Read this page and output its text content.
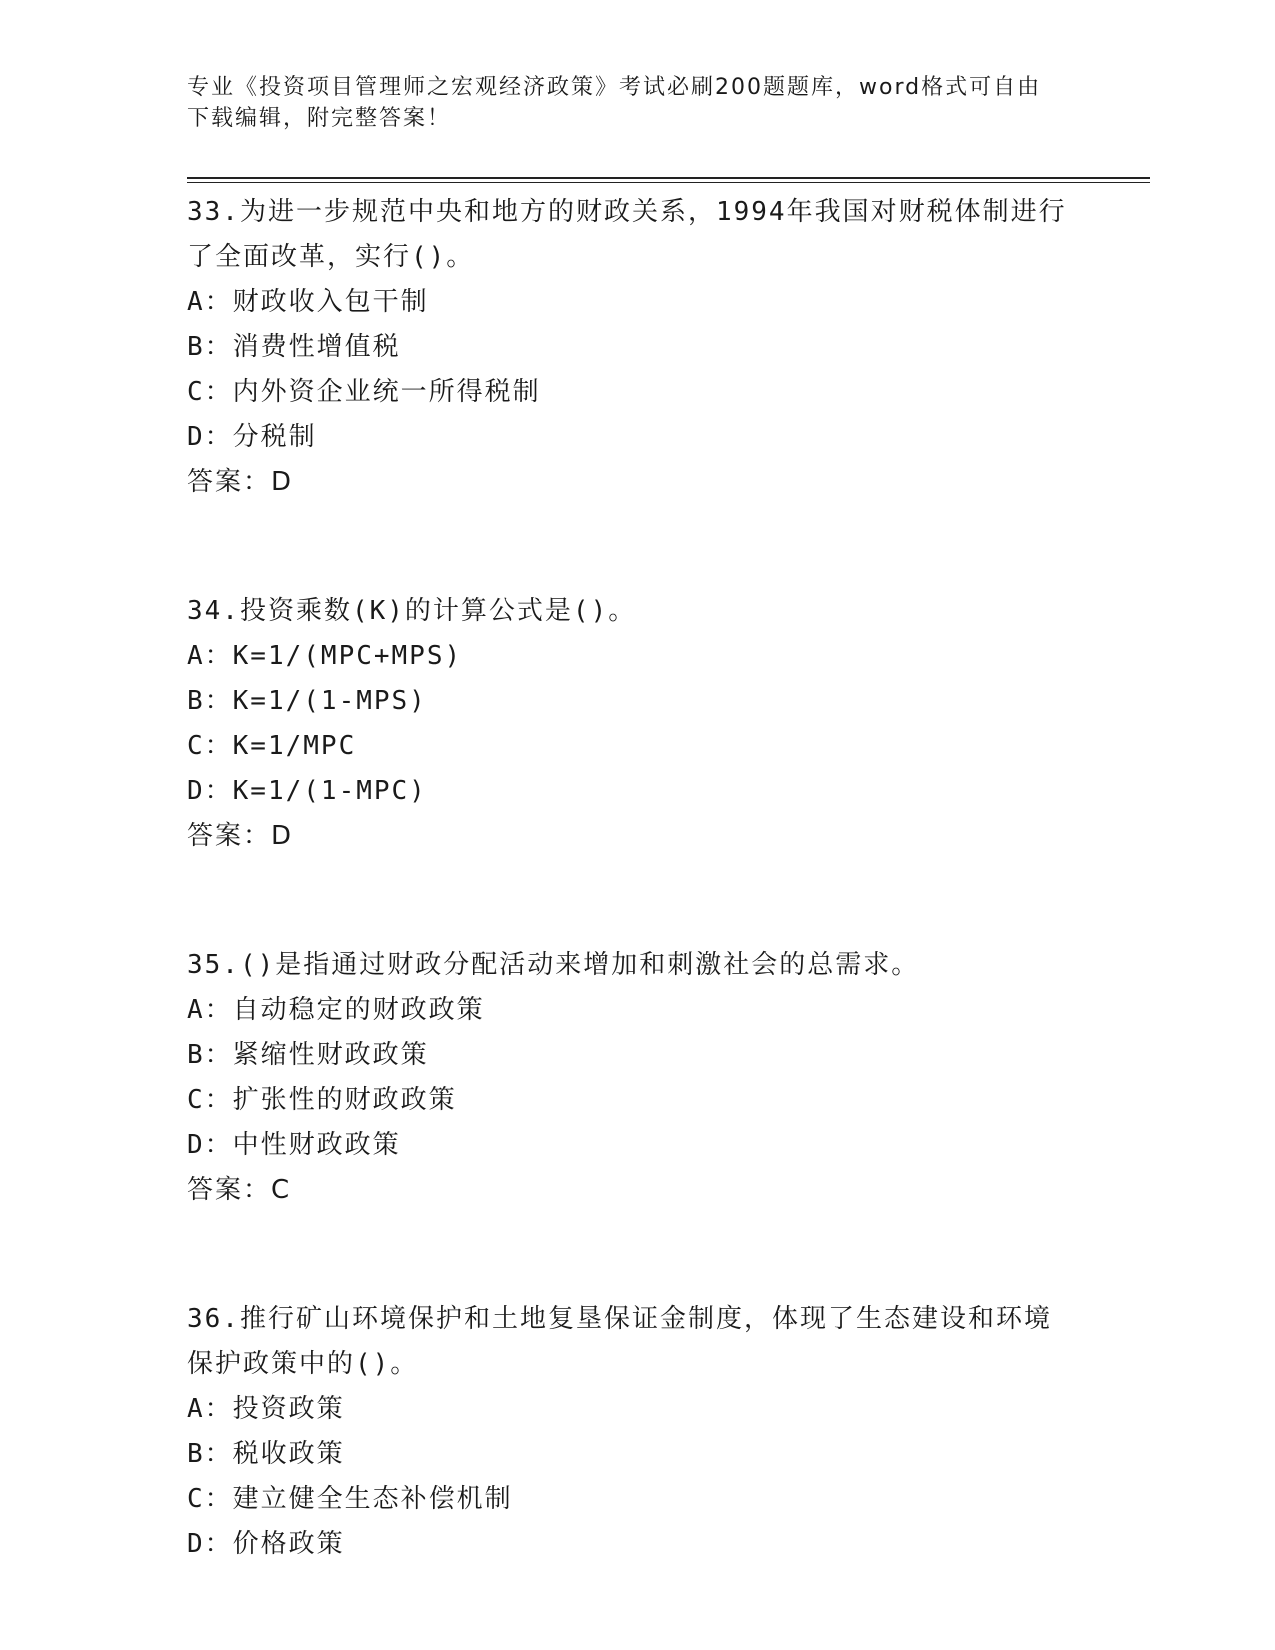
专业《投资项目管理师之宏观经济政策》考试必刷200题题库，word格式可自由
下载编辑，附完整答案！
33.为进一步规范中央和地方的财政关系，1994年我国对财税体制进行
了全面改革，实行()。
A：财政收入包干制
B：消费性增值税
C：内外资企业统一所得税制
D：分税制
答案：D
34.投资乘数(K)的计算公式是()。
A：K=1/(MPC+MPS)
B：K=1/(1-MPS)
C：K=1/MPC
D：K=1/(1-MPC)
答案：D
35.()是指通过财政分配活动来增加和刺激社会的总需求。
A：自动稳定的财政政策
B：紧缩性财政政策
C：扩张性的财政政策
D：中性财政政策
答案：C
36.推行矿山环境保护和土地复垦保证金制度，体现了生态建设和环境
保护政策中的()。
A：投资政策
B：税收政策
C：建立健全生态补偿机制
D：价格政策
